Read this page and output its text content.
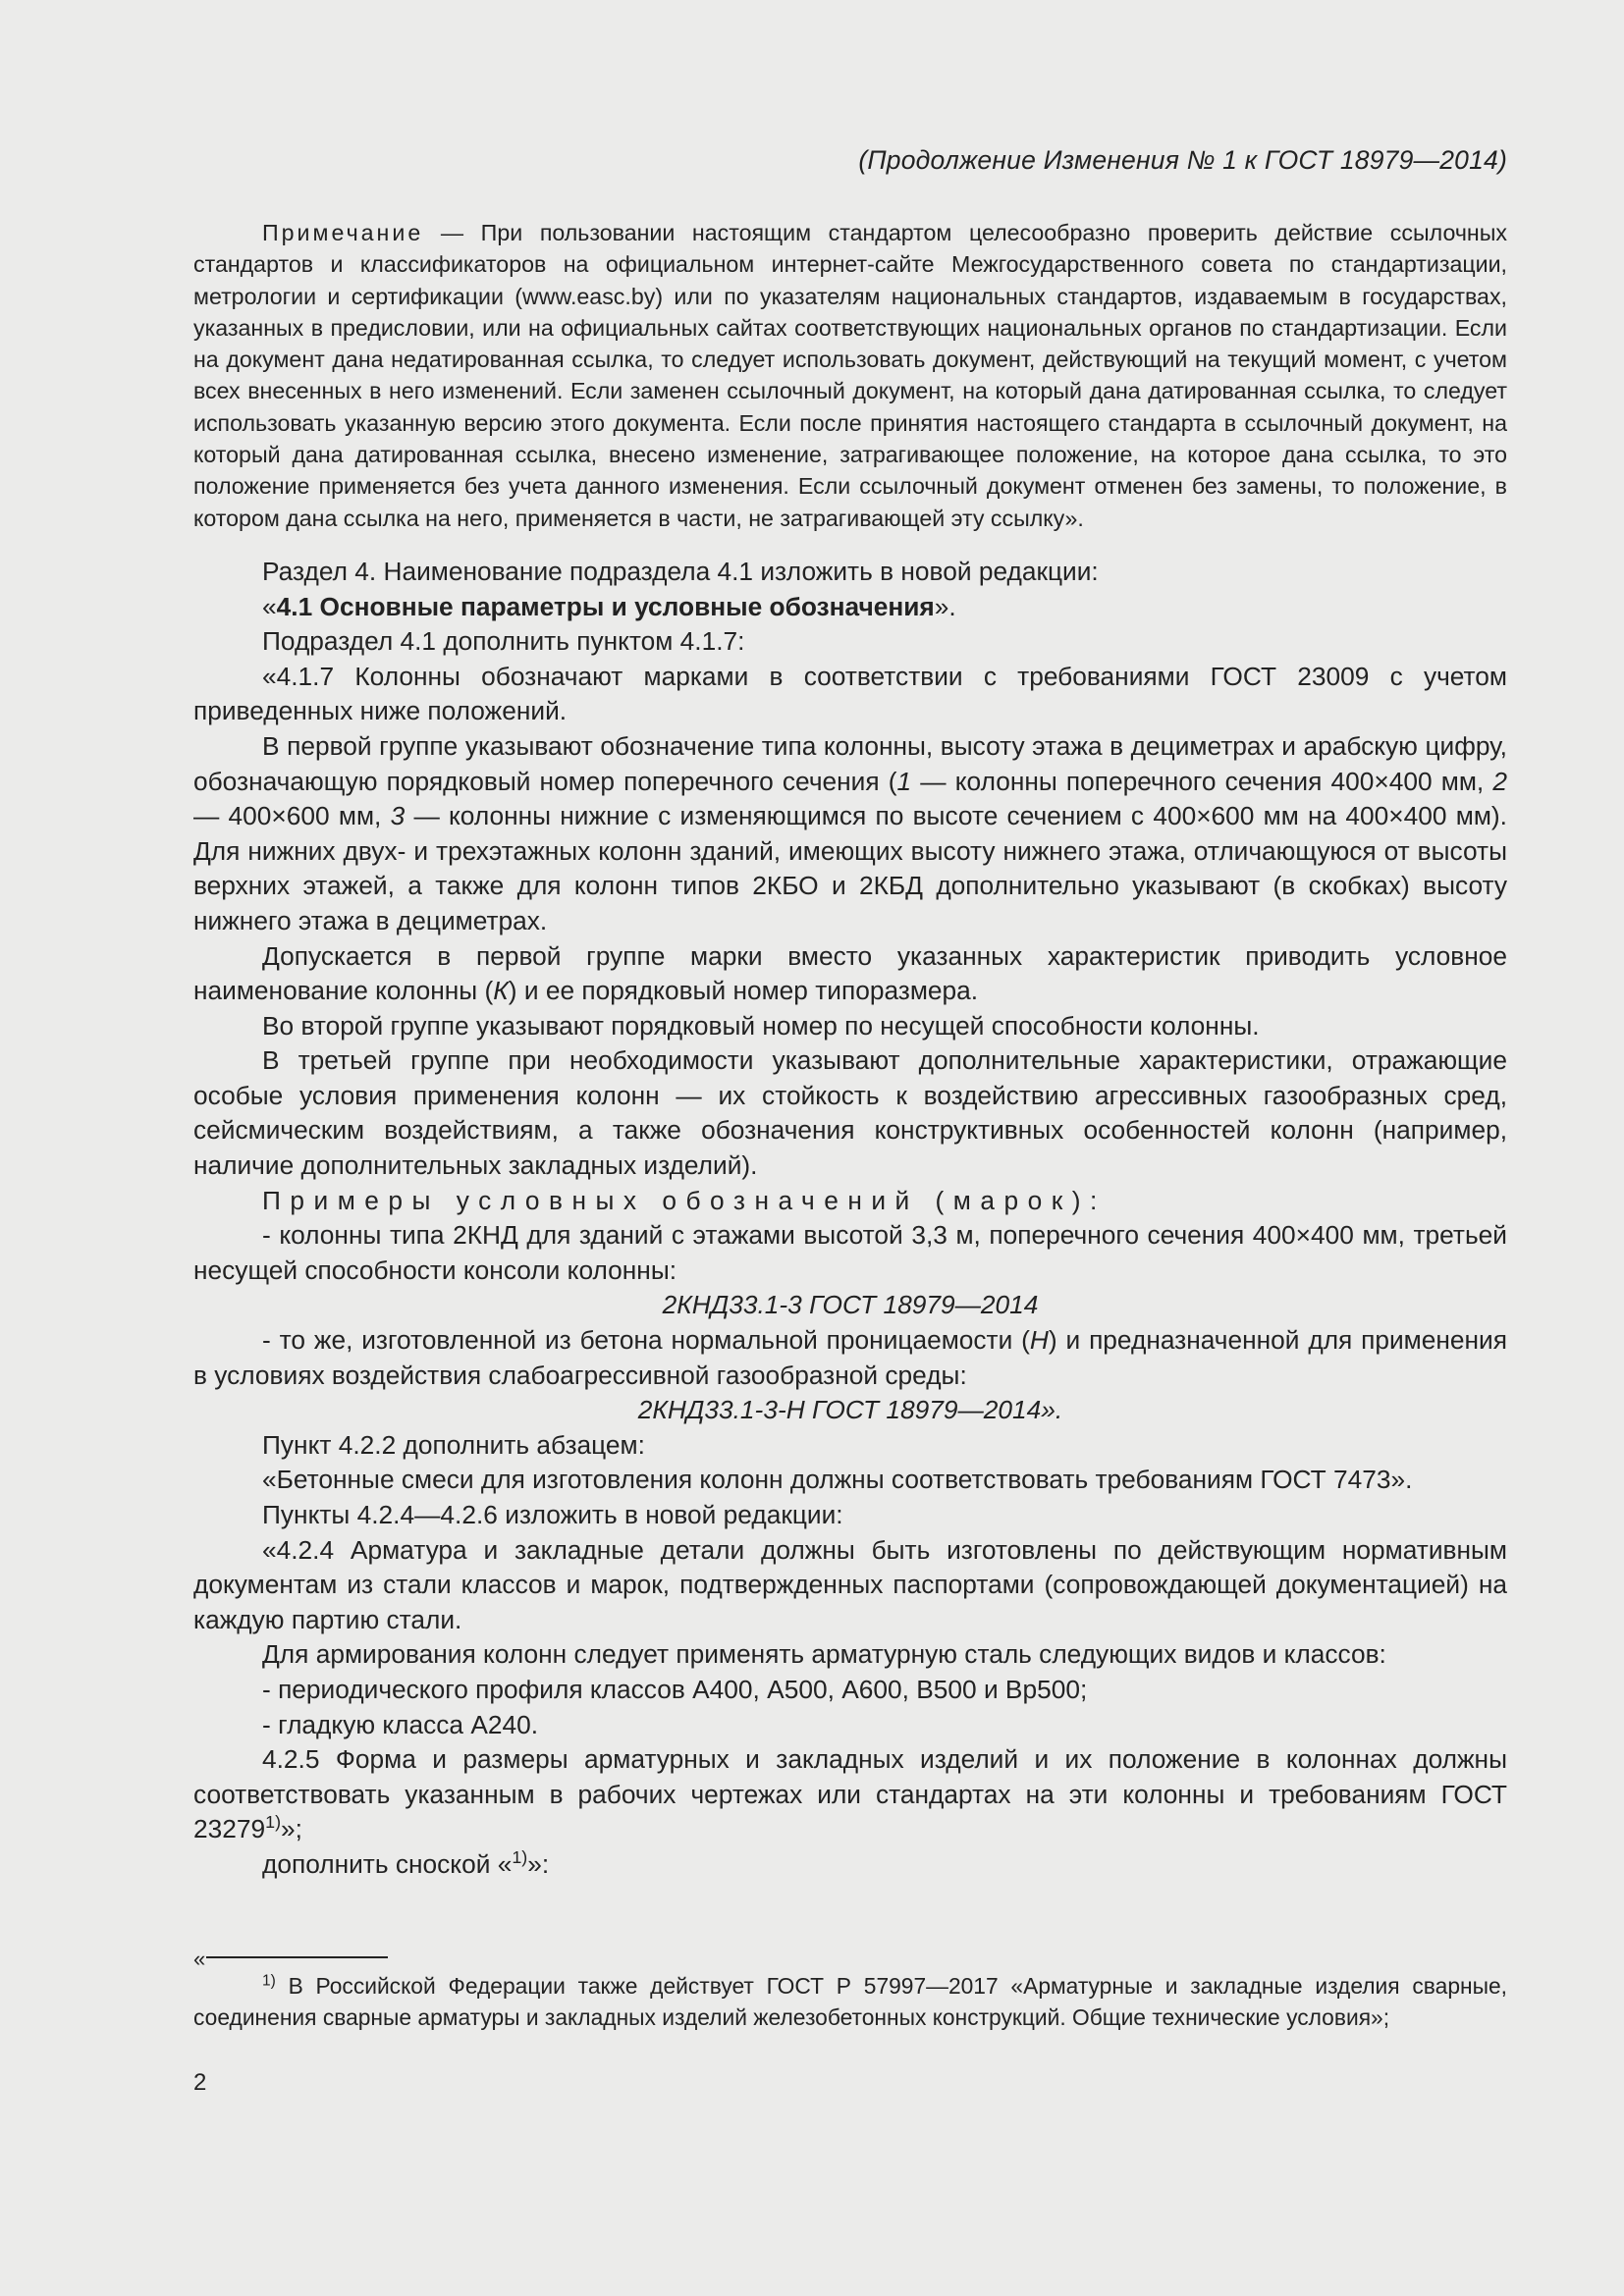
(Продолжение Изменения № 1 к ГОСТ 18979—2014)

Примечание — При пользовании настоящим стандартом целесообразно проверить действие ссылочных стандартов и классификаторов на официальном интернет-сайте Межгосударственного совета по стандартизации, метрологии и сертификации (www.easc.by) или по указателям национальных стандартов, издаваемым в государствах, указанных в предисловии, или на официальных сайтах соответствующих национальных органов по стандартизации. Если на документ дана недатированная ссылка, то следует использовать документ, действующий на текущий момент, с учетом всех внесенных в него изменений. Если заменен ссылочный документ, на который дана датированная ссылка, то следует использовать указанную версию этого документа. Если после принятия настоящего стандарта в ссылочный документ, на который дана датированная ссылка, внесено изменение, затрагивающее положение, на которое дана ссылка, то это положение применяется без учета данного изменения. Если ссылочный документ отменен без замены, то положение, в котором дана ссылка на него, применяется в части, не затрагивающей эту ссылку».

Раздел 4. Наименование подраздела 4.1 изложить в новой редакции:

«4.1 Основные параметры и условные обозначения».

Подраздел 4.1 дополнить пунктом 4.1.7:

«4.1.7 Колонны обозначают марками в соответствии с требованиями ГОСТ 23009 с учетом приведенных ниже положений.

В первой группе указывают обозначение типа колонны, высоту этажа в дециметрах и арабскую цифру, обозначающую порядковый номер поперечного сечения (1 — колонны поперечного сечения 400×400 мм, 2 — 400×600 мм, 3 — колонны нижние с изменяющимся по высоте сечением с 400×600 мм на 400×400 мм). Для нижних двух- и трехэтажных колонн зданий, имеющих высоту нижнего этажа, отличающуюся от высоты верхних этажей, а также для колонн типов 2КБО и 2КБД дополнительно указывают (в скобках) высоту нижнего этажа в дециметрах.

Допускается в первой группе марки вместо указанных характеристик приводить условное наименование колонны (К) и ее порядковый номер типоразмера.

Во второй группе указывают порядковый номер по несущей способности колонны.

В третьей группе при необходимости указывают дополнительные характеристики, отражающие особые условия применения колонн — их стойкость к воздействию агрессивных газообразных сред, сейсмическим воздействиям, а также обозначения конструктивных особенностей колонн (например, наличие дополнительных закладных изделий).

Примеры условных обозначений (марок):

- колонны типа 2КНД для зданий с этажами высотой 3,3 м, поперечного сечения 400×400 мм, третьей несущей способности консоли колонны:

2КНД33.1-3 ГОСТ 18979—2014

- то же, изготовленной из бетона нормальной проницаемости (Н) и предназначенной для применения в условиях воздействия слабоагрессивной газообразной среды:

2КНД33.1-3-Н ГОСТ 18979—2014».

Пункт 4.2.2 дополнить абзацем:

«Бетонные смеси для изготовления колонн должны соответствовать требованиям ГОСТ 7473».

Пункты 4.2.4—4.2.6 изложить в новой редакции:

«4.2.4 Арматура и закладные детали должны быть изготовлены по действующим нормативным документам из стали классов и марок, подтвержденных паспортами (сопровождающей документацией) на каждую партию стали.

Для армирования колонн следует применять арматурную сталь следующих видов и классов:

- периодического профиля классов А400, А500, А600, В500 и Вр500;

- гладкую класса А240.

4.2.5 Форма и размеры арматурных и закладных изделий и их положение в колоннах должны соответствовать указанным в рабочих чертежах или стандартах на эти колонны и требованиям ГОСТ 23279$^{1)}$»;

дополнить сноской «$^{1)}$»:

«

$^{1)}$ В Российской Федерации также действует ГОСТ Р 57997—2017 «Арматурные и закладные изделия сварные, соединения сварные арматуры и закладных изделий железобетонных конструкций. Общие технические условия»;

2
